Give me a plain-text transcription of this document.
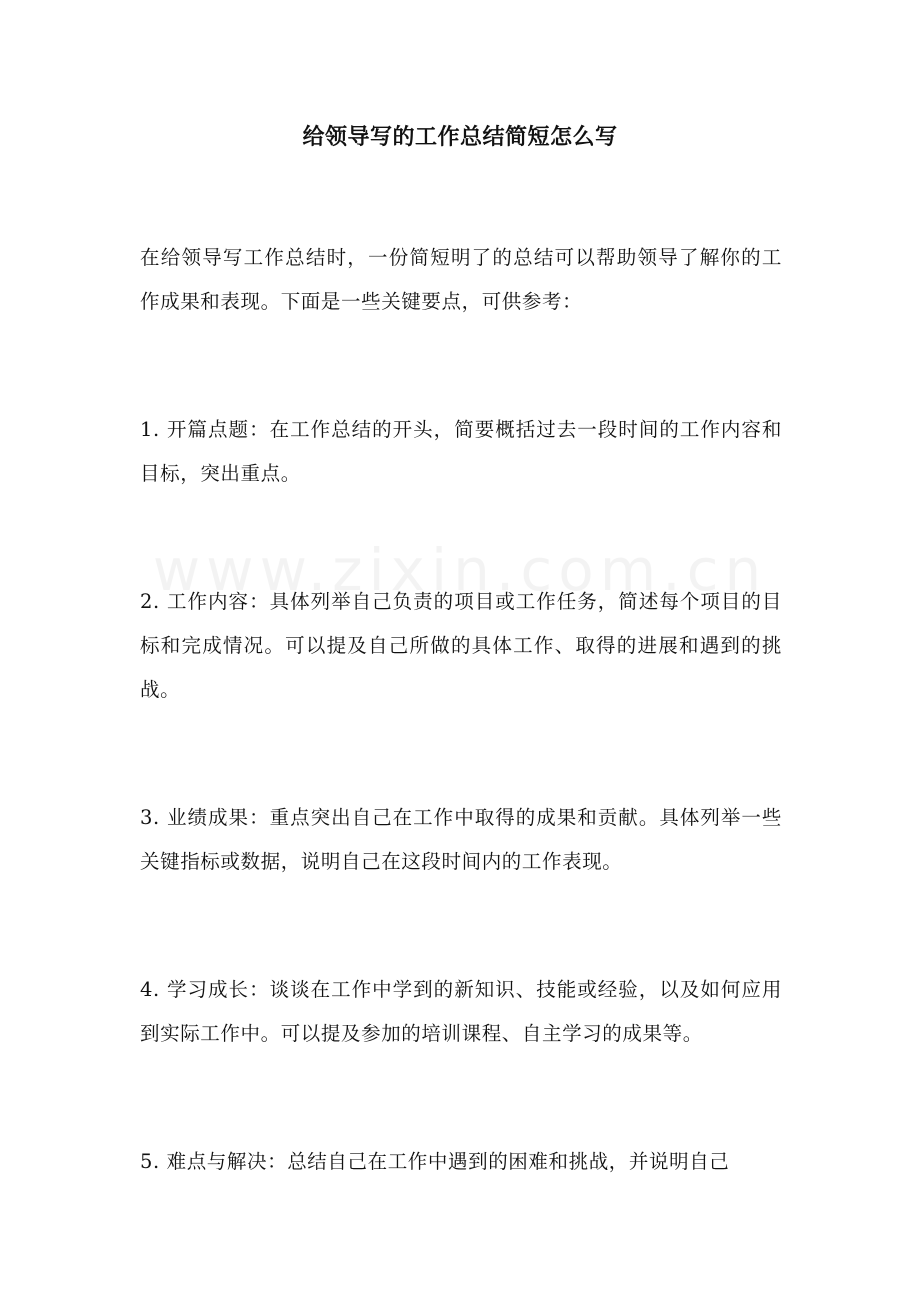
给领导写的工作总结简短怎么写

在给领导写工作总结时，一份简短明了的总结可以帮助领导了解你的工作成果和表现。下面是一些关键要点，可供参考：

1. 开篇点题：在工作总结的开头，简要概括过去一段时间的工作内容和目标，突出重点。

2. 工作内容：具体列举自己负责的项目或工作任务，简述每个项目的目标和完成情况。可以提及自己所做的具体工作、取得的进展和遇到的挑战。

3. 业绩成果：重点突出自己在工作中取得的成果和贡献。具体列举一些关键指标或数据，说明自己在这段时间内的工作表现。

4. 学习成长：谈谈在工作中学到的新知识、技能或经验，以及如何应用到实际工作中。可以提及参加的培训课程、自主学习的成果等。

5. 难点与解决：总结自己在工作中遇到的困难和挑战，并说明自己
